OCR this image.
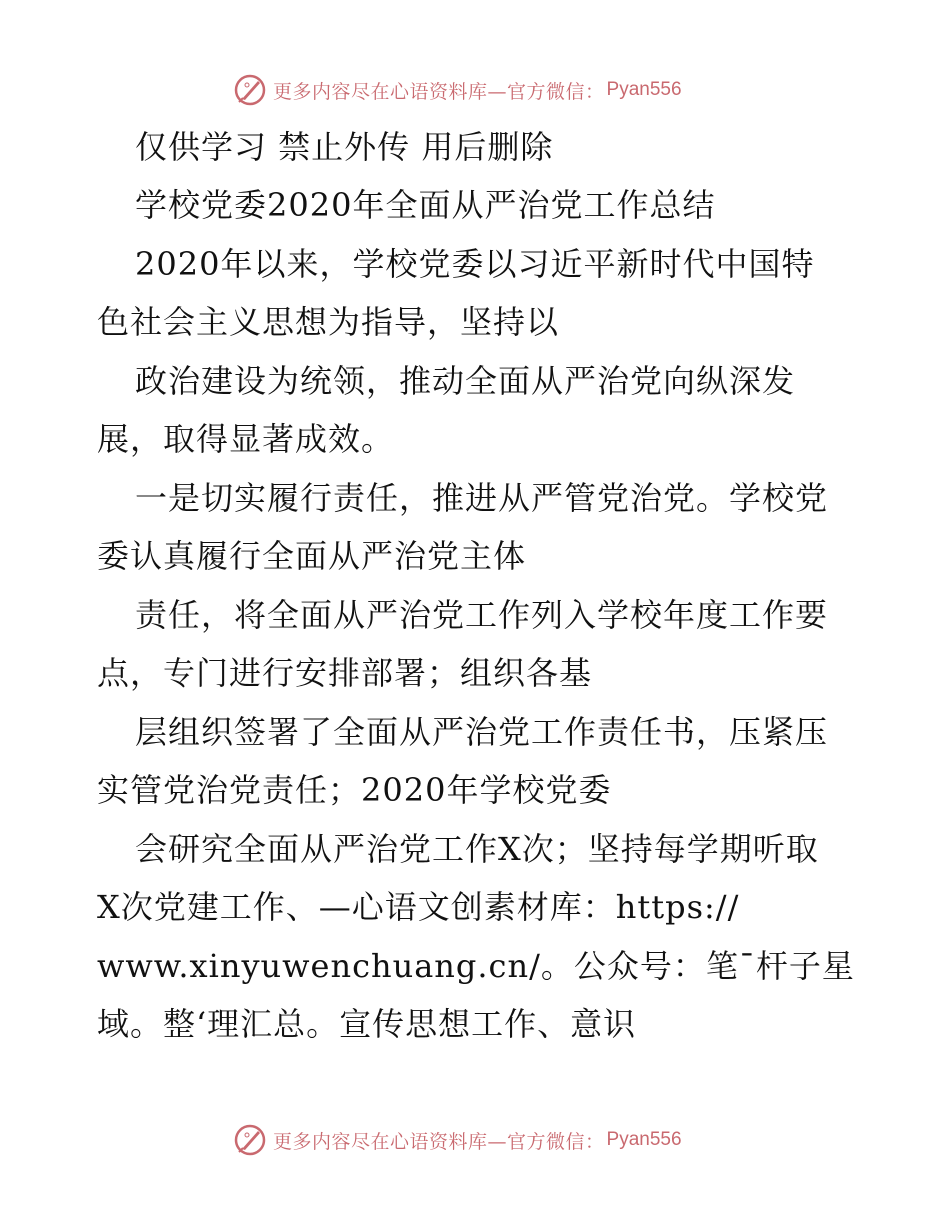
更多内容尽在心语资料库—官方微信： Pyan556
仅供学习 禁止外传 用后删除
学校党委2020年全面从严治党工作总结
2020年以来，学校党委以习近平新时代中国特
色社会主义思想为指导，坚持以
政治建设为统领，推动全面从严治党向纵深发
展，取得显著成效。
一是切实履行责任，推进从严管党治党。学校党
委认真履行全面从严治党主体
责任，将全面从严治党工作列入学校年度工作要
点，专门进行安排部署；组织各基
层组织签署了全面从严治党工作责任书，压紧压
实管党治党责任；2020年学校党委
会研究全面从严治党工作X次；坚持每学期听取
X次党建工作、—心语文创素材库：https://
www.xinyuwenchuang.cn/。公众号：笔¯杆子星
域。整‘理汇总。宣传思想工作、意识
更多内容尽在心语资料库—官方微信： Pyan556
